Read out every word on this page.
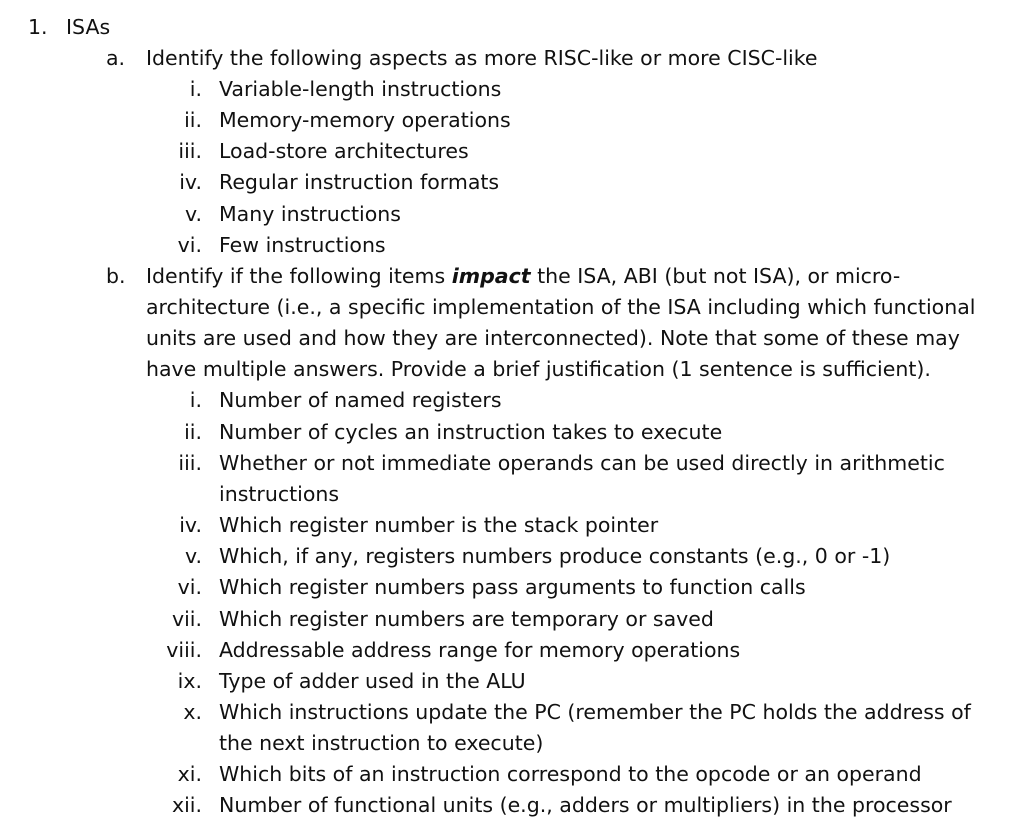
1. ISAs
a. Identify the following aspects as more RISC-like or more CISC-like
i. Variable-length instructions
ii. Memory-memory operations
iii. Load-store architectures
iv. Regular instruction formats
v. Many instructions
vi. Few instructions
b. Identify if the following items impact the ISA, ABI (but not ISA), or micro-
architecture (i.e., a specific implementation of the ISA including which functional
units are used and how they are interconnected). Note that some of these may
have multiple answers. Provide a brief justification (1 sentence is sufficient).
i. Number of named registers
ii. Number of cycles an instruction takes to execute
iii. Whether or not immediate operands can be used directly in arithmetic
instructions
iv. Which register number is the stack pointer
v. Which, if any, registers numbers produce constants (e.g., 0 or -1)
vi. Which register numbers pass arguments to function calls
vii. Which register numbers are temporary or saved
viii. Addressable address range for memory operations
ix. Type of adder used in the ALU
x. Which instructions update the PC (remember the PC holds the address of
the next instruction to execute)
xi. Which bits of an instruction correspond to the opcode or an operand
xii. Number of functional units (e.g., adders or multipliers) in the processor
